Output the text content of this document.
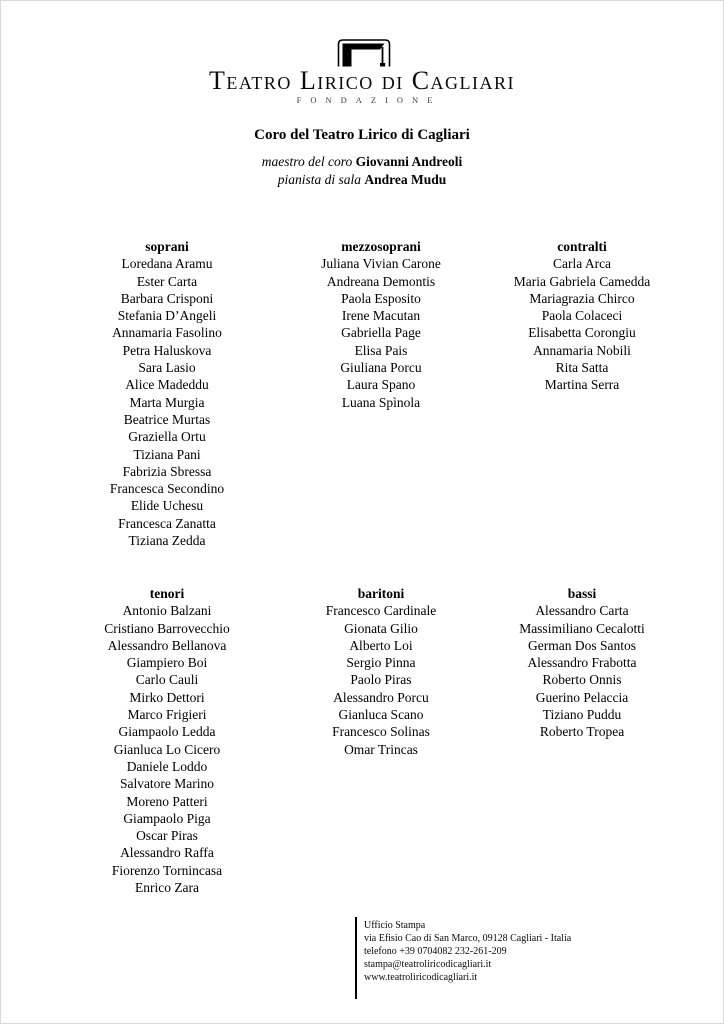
Teatro Lirico di Cagliari
FONDAZIONE
Coro del Teatro Lirico di Cagliari
maestro del coro Giovanni Andreoli
pianista di sala Andrea Mudu
soprani
Loredana Aramu
Ester Carta
Barbara Crisponi
Stefania D’Angeli
Annamaria Fasolino
Petra Haluskova
Sara Lasio
Alice Madeddu
Marta Murgia
Beatrice Murtas
Graziella Ortu
Tiziana Pani
Fabrizia Sbressa
Francesca Secondino
Elide Uchesu
Francesca Zanatta
Tiziana Zedda
mezzosoprani
Juliana Vivian Carone
Andreana Demontis
Paola Esposito
Irene Macutan
Gabriella Page
Elisa Pais
Giuliana Porcu
Laura Spano
Luana Spìnola
contralti
Carla Arca
Maria Gabriela Camedda
Mariagrazia Chirco
Paola Colaceci
Elisabetta Corongiu
Annamaria Nobili
Rita Satta
Martina Serra
tenori
Antonio Balzani
Cristiano Barrovecchio
Alessandro Bellanova
Giampiero Boi
Carlo Cauli
Mirko Dettori
Marco Frigieri
Giampaolo Ledda
Gianluca Lo Cicero
Daniele Loddo
Salvatore Marino
Moreno Patteri
Giampaolo Piga
Oscar Piras
Alessandro Raffa
Fiorenzo Tornincasa
Enrico Zara
baritoni
Francesco Cardinale
Gionata Gilio
Alberto Loi
Sergio Pinna
Paolo Piras
Alessandro Porcu
Gianluca Scano
Francesco Solinas
Omar Trincas
bassi
Alessandro Carta
Massimiliano Cecalotti
German Dos Santos
Alessandro Frabotta
Roberto Onnis
Guerino Pelaccia
Tiziano Puddu
Roberto Tropea
Ufficio Stampa
via Efisio Cao di San Marco, 09128 Cagliari - Italia
telefono +39 0704082 232-261-209
stampa@teatroliricodicagliari.it
www.teatroliricodicagliari.it
